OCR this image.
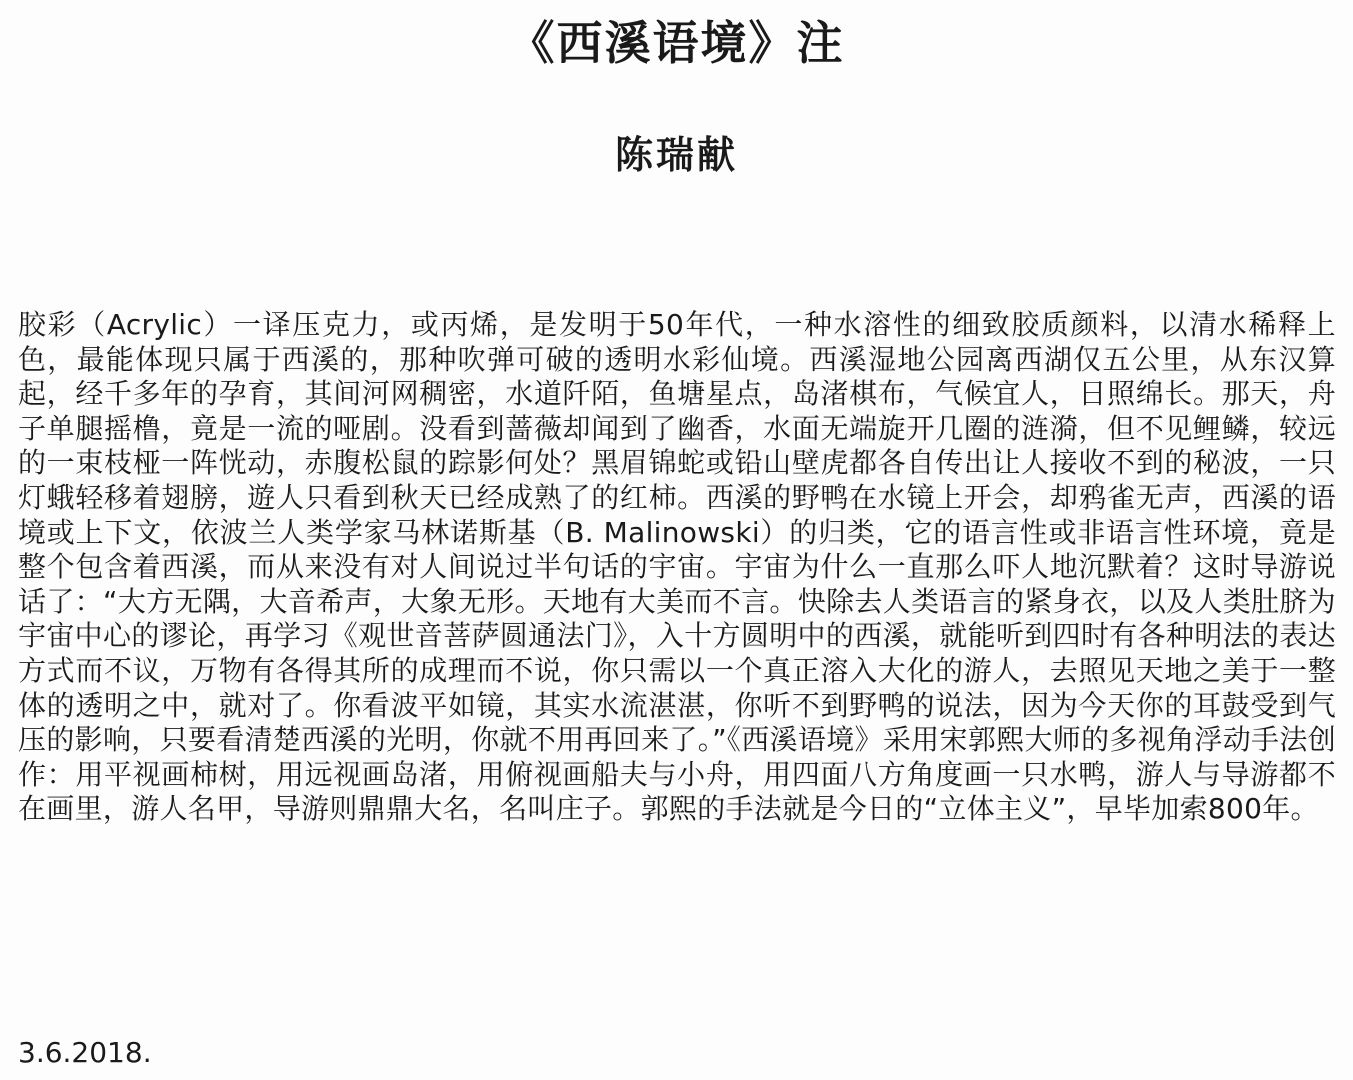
《西溪语境》注
陈瑞献

胶彩（Acrylic）一译压克力，或丙烯，是发明于50年代，一种水溶性的细致胶质颜料，以清水稀释上色，最能体现只属于西溪的，那种吹弹可破的透明水彩仙境。西溪湿地公园离西湖仅五公里，从东汉算起，经千多年的孕育，其间河网稠密，水道阡陌，鱼塘星点，岛渚棋布，气候宜人，日照绵长。那天，舟子单腿摇橹，竟是一流的哑剧。没看到蔷薇却闻到了幽香，水面无端旋开几圈的涟漪，但不见鲤鳞，较远的一束枝桠一阵恍动，赤腹松鼠的踪影何处？黑眉锦蛇或铅山壁虎都各自传出让人接收不到的秘波，一只灯蛾轻移着翅膀，遊人只看到秋天已经成熟了的红柿。西溪的野鸭在水镜上开会，却鸦雀无声，西溪的语境或上下文，依波兰人类学家马林诺斯基（B. Malinowski）的归类，它的语言性或非语言性环境，竟是整个包含着西溪，而从来没有对人间说过半句话的宇宙。宇宙为什么一直那么吓人地沉默着？这时导游说话了：“大方无隅，大音希声，大象无形。天地有大美而不言。快除去人类语言的紧身衣，以及人类肚脐为宇宙中心的谬论，再学习《观世音菩萨圆通法门》，入十方圆明中的西溪，就能听到四时有各种明法的表达方式而不议，万物有各得其所的成理而不说，你只需以一个真正溶入大化的游人，去照见天地之美于一整体的透明之中，就对了。你看波平如镜，其实水流湛湛，你听不到野鸭的说法，因为今天你的耳鼓受到气压的影响，只要看清楚西溪的光明，你就不用再回来了。”《西溪语境》采用宋郭熙大师的多视角浮动手法创作：用平视画柿树，用远视画岛渚，用俯视画船夫与小舟，用四面八方角度画一只水鸭，游人与导游都不在画里，游人名甲，导游则鼎鼎大名，名叫庄子。郭熙的手法就是今日的“立体主义”，早毕加索800年。

3.6.2018.
